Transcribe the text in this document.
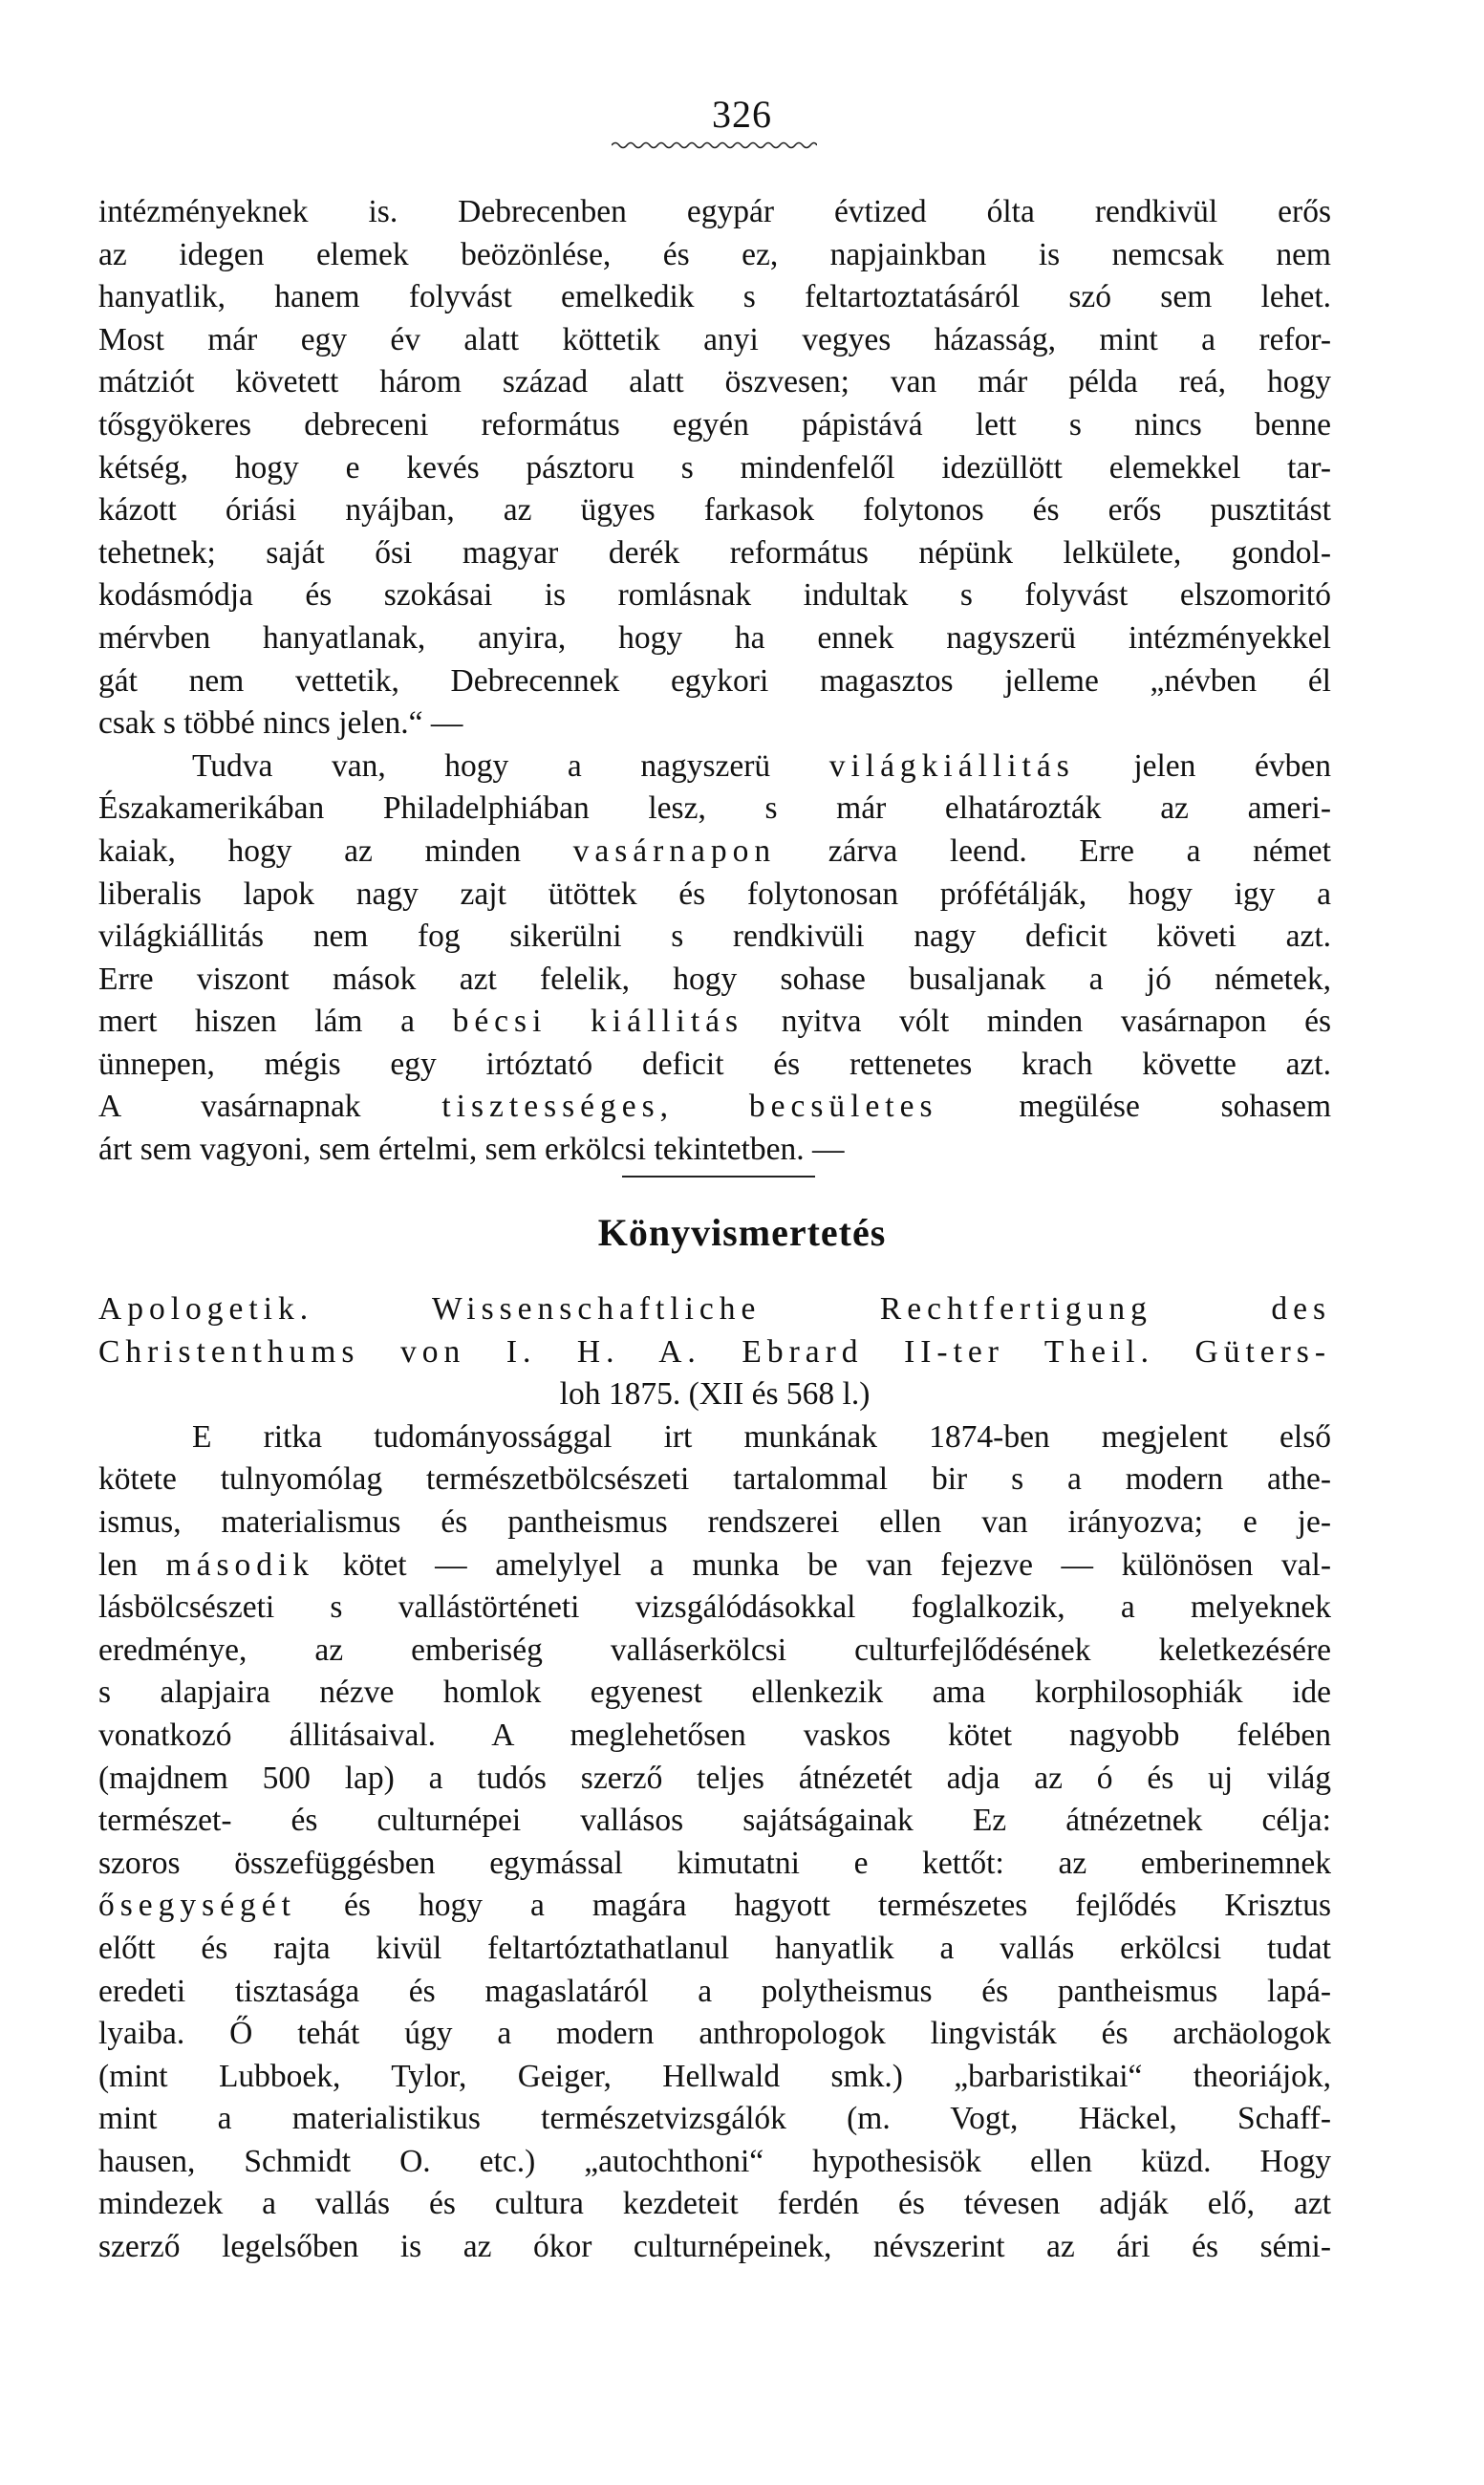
326
intézményeknek is. Debrecenben egypár évtized ólta rendkivül erős
az idegen elemek beözönlése, és ez, napjainkban is nemcsak nem
hanyatlik, hanem folyvást emelkedik s feltartoztatásáról szó sem lehet.
Most már egy év alatt köttetik anyi vegyes házasság, mint a refor-
mátziót követett három század alatt öszvesen; van már példa reá, hogy
tősgyökeres debreceni református egyén pápistává lett s nincs benne
kétség, hogy e kevés pásztoru s mindenfelől idezüllött elemekkel tar-
kázott óriási nyájban, az ügyes farkasok folytonos és erős pusztitást
tehetnek; saját ősi magyar derék református népünk lelkülete, gondol-
kodásmódja és szokásai is romlásnak indultak s folyvást elszomoritó
mérvben hanyatlanak, anyira, hogy ha ennek nagyszerü intézményekkel
gát nem vettetik, Debrecennek egykori magasztos jelleme „névben él
csak s többé nincs jelen.“ —
Tudva van, hogy a nagyszerü világkiállitás jelen évben
Északamerikában Philadelphiában lesz, s már elhatározták az ameri-
kaiak, hogy az minden vasárnapon zárva leend. Erre a német
liberalis lapok nagy zajt ütöttek és folytonosan prófétálják, hogy igy a
világkiállitás nem fog sikerülni s rendkivüli nagy deficit követi azt.
Erre viszont mások azt felelik, hogy sohase busaljanak a jó németek,
mert hiszen lám a bécsi kiállitás nyitva vólt minden vasárnapon és
ünnepen, mégis egy irtóztató deficit és rettenetes krach követte azt.
A vasárnapnak tisztességes, becsületes megülése sohasem
árt sem vagyoni, sem értelmi, sem erkölcsi tekintetben. —
Könyvismertetés
Apologetik. Wissenschaftliche Rechtfertigung des
Christenthums von I. H. A. Ebrard II-ter Theil. Güters-
loh 1875. (XII és 568 l.)
E ritka tudományossággal irt munkának 1874-ben megjelent első
kötete tulnyomólag természetbölcsészeti tartalommal bir s a modern athe-
ismus, materialismus és pantheismus rendszerei ellen van irányozva; e je-
len második kötet — amelylyel a munka be van fejezve — különösen val-
lásbölcsészeti s vallástörténeti vizsgálódásokkal foglalkozik, a melyeknek
eredménye, az emberiség valláserkölcsi culturfejlődésének keletkezésére
s alapjaira nézve homlok egyenest ellenkezik ama korphilosophiák ide
vonatkozó állitásaival. A meglehetősen vaskos kötet nagyobb felében
(majdnem 500 lap) a tudós szerző teljes átnézetét adja az ó és uj világ
természet- és culturnépei vallásos sajátságainak Ez átnézetnek célja:
szoros összefüggésben egymással kimutatni e kettőt: az emberinemnek
ősegységét és hogy a magára hagyott természetes fejlődés Krisztus
előtt és rajta kivül feltartóztathatlanul hanyatlik a vallás erkölcsi tudat
eredeti tisztasága és magaslatáról a polytheismus és pantheismus lapá-
lyaiba. Ő tehát úgy a modern anthropologok lingvisták és archäologok
(mint Lubboek, Tylor, Geiger, Hellwald smk.) „barbaristikai“ theoriájok,
mint a materialistikus természetvizsgálók (m. Vogt, Häckel, Schaff-
hausen, Schmidt O. etc.) „autochthoni“ hypothesisök ellen küzd. Hogy
mindezek a vallás és cultura kezdeteit ferdén és tévesen adják elő, azt
szerző legelsőben is az ókor culturnépeinek, névszerint az ári és sémi-
